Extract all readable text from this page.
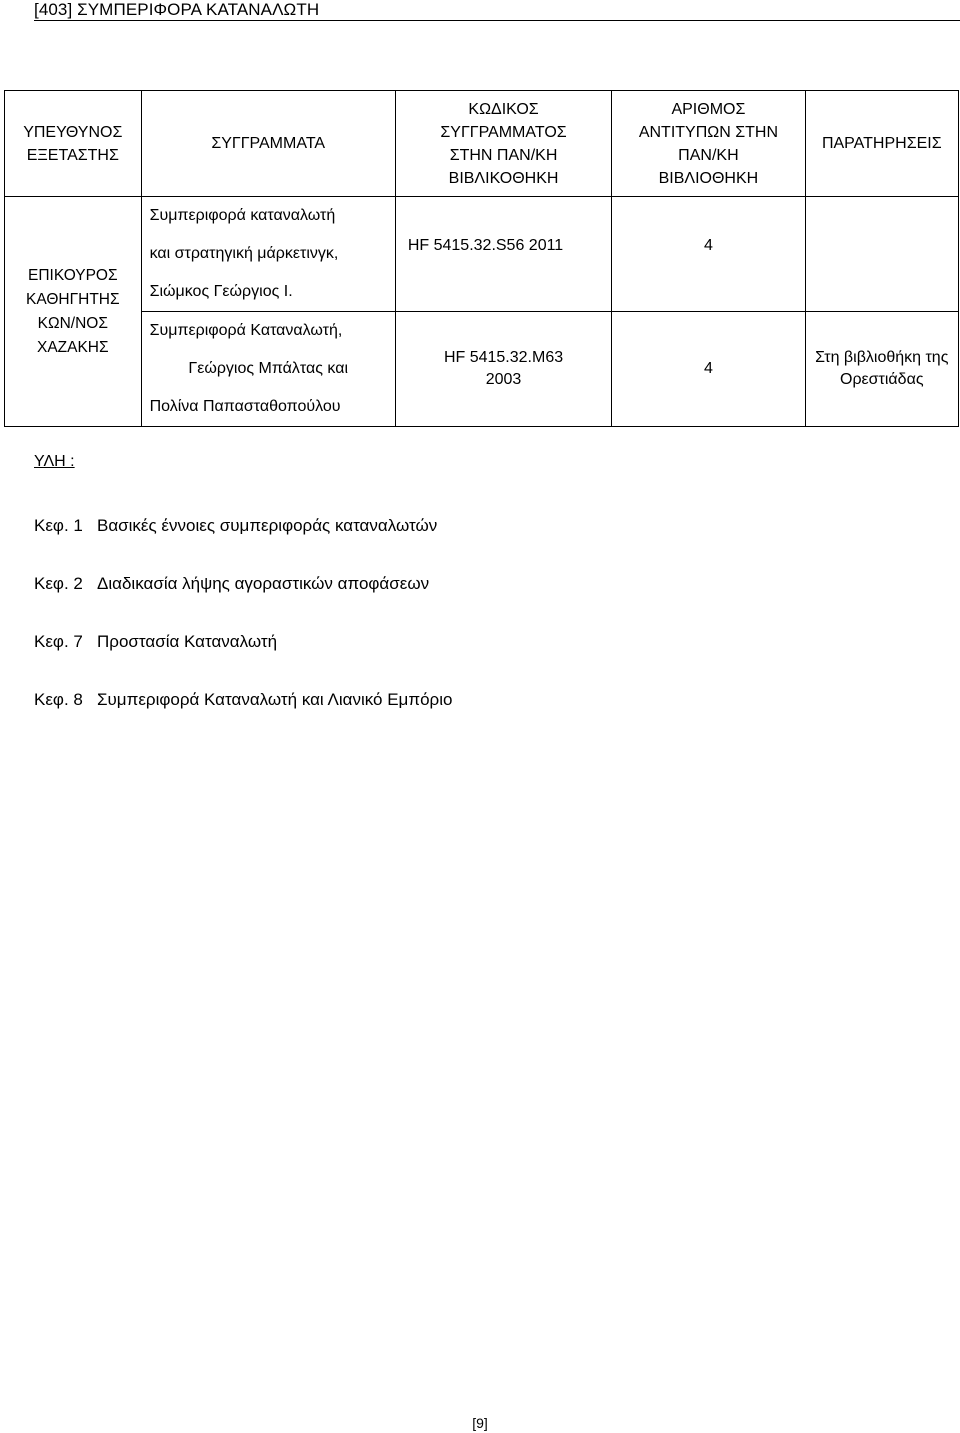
[403] ΣΥΜΠΕΡΙΦΟΡΑ ΚΑΤΑΝΑΛΩΤΗ
ΥΠΕΥΘΥΝΟΣ ΕΞΕΤΑΣΤΗΣ	ΣΥΓΓΡΑΜΜΑΤΑ	ΚΩΔΙΚΟΣ ΣΥΓΓΡΑΜΜΑΤΟΣ ΣΤΗΝ ΠΑΝ/ΚΗ ΒΙΒΛΙΚΟΘΗΚΗ	ΑΡΙΘΜΟΣ ΑΝΤΙΤΥΠΩΝ ΣΤΗΝ ΠΑΝ/ΚΗ ΒΙΒΛΙΟΘΗΚΗ	ΠΑΡΑΤΗΡΗΣΕΙΣ

ΕΠΙΚΟΥΡΟΣ ΚΑΘΗΓΗΤΗΣ ΚΩΝ/ΝΟΣ ΧΑΖΑΚΗΣ	Συμπεριφορά καταναλωτή
και στρατηγική μάρκετινγκ,
Σιώμκος Γεώργιος Ι.	HF 5415.32.S56 2011	4	

	Συμπεριφορά Καταναλωτή,
Γεώργιος Μπάλτας και
Πολίνα Παπασταθοπούλου	HF 5415.32.M63 2003	4	Στη βιβλιοθήκη της Ορεστιάδας
ΥΛΗ :
Κεφ. 1 Βασικές έννοιες συμπεριφοράς καταναλωτών
Κεφ. 2 Διαδικασία λήψης αγοραστικών αποφάσεων
Κεφ. 7 Προστασία Καταναλωτή
Κεφ. 8 Συμπεριφορά Καταναλωτή και Λιανικό Εμπόριο
[9]
